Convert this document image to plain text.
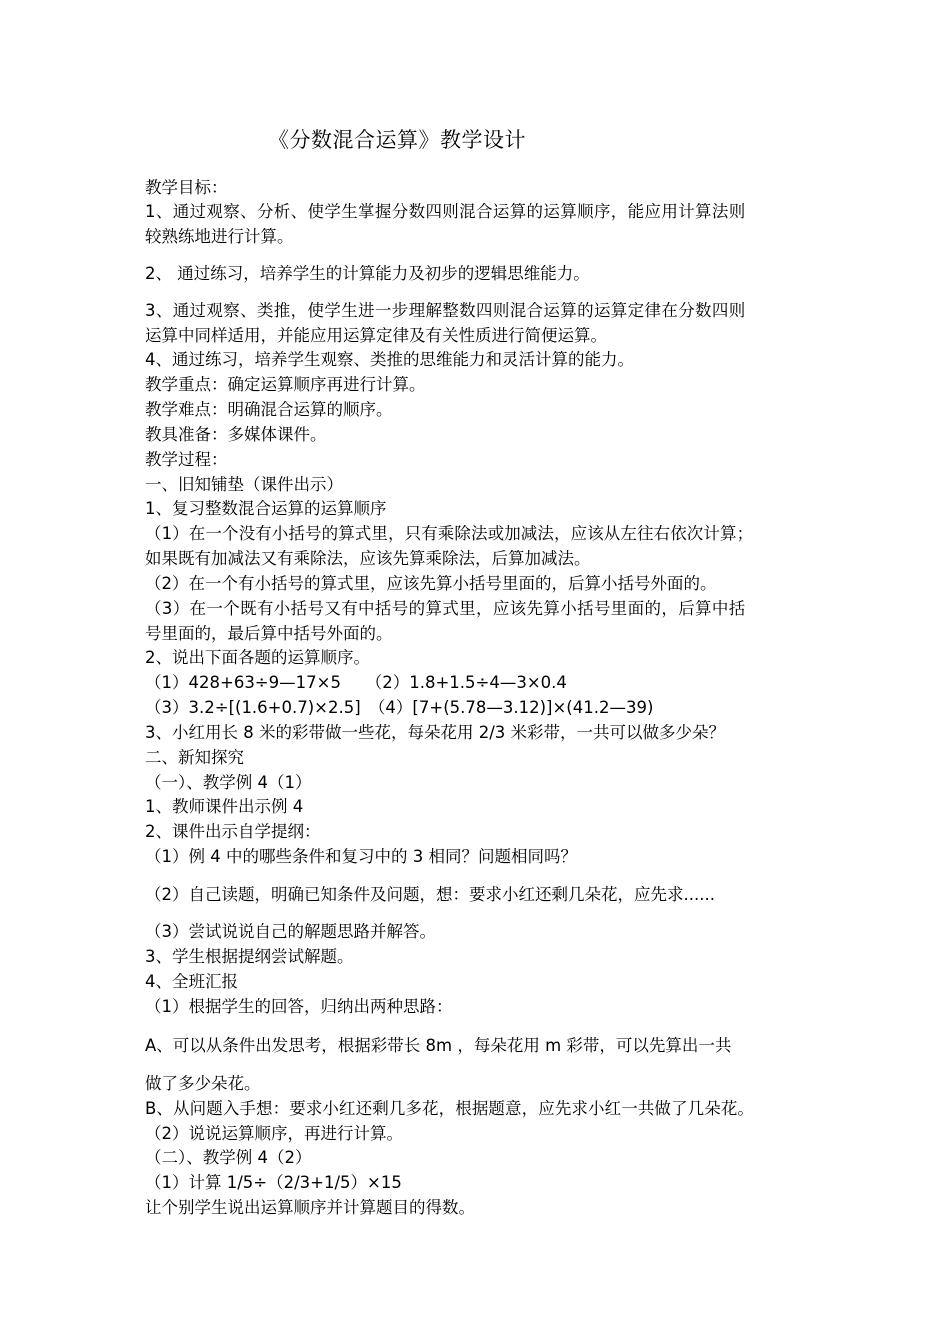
《分数混合运算》教学设计
教学目标：
1、通过观察、分析、使学生掌握分数四则混合运算的运算顺序，能应用计算法则
较熟练地进行计算。
2、 通过练习，培养学生的计算能力及初步的逻辑思维能力。
3、通过观察、类推，使学生进一步理解整数四则混合运算的运算定律在分数四则
运算中同样适用，并能应用运算定律及有关性质进行简便运算。
4、通过练习，培养学生观察、类推的思维能力和灵活计算的能力。
教学重点：确定运算顺序再进行计算。
教学难点：明确混合运算的顺序。
教具准备：多媒体课件。
教学过程：
一、旧知铺垫（课件出示）
1、复习整数混合运算的运算顺序
（1）在一个没有小括号的算式里，只有乘除法或加减法，应该从左往右依次计算；
如果既有加减法又有乘除法，应该先算乘除法，后算加减法。
（2）在一个有小括号的算式里，应该先算小括号里面的，后算小括号外面的。
（3）在一个既有小括号又有中括号的算式里，应该先算小括号里面的，后算中括
号里面的，最后算中括号外面的。
2、说出下面各题的运算顺序。
（1）428+63÷9—17×5　　（2）1.8+1.5÷4—3×0.4
（3）3.2÷[(1.6+0.7)×2.5]　（4）[7+(5.78—3.12)]×(41.2—39)
3、小红用长 8 米的彩带做一些花，每朵花用 2/3 米彩带，一共可以做多少朵？
二、新知探究
（一）、教学例 4（1）
1、教师课件出示例 4
2、课件出示自学提纲：
（1）例 4 中的哪些条件和复习中的 3 相同？问题相同吗？
（2）自己读题，明确已知条件及问题，想：要求小红还剩几朵花，应先求......
（3）尝试说说自己的解题思路并解答。
3、学生根据提纲尝试解题。
4、全班汇报
（1）根据学生的回答，归纳出两种思路：
A、可以从条件出发思考，根据彩带长 8m ，每朵花用 m 彩带，可以先算出一共
做了多少朵花。
B、从问题入手想：要求小红还剩几多花，根据题意，应先求小红一共做了几朵花。
（2）说说运算顺序，再进行计算。
（二）、教学例 4（2）
（1）计算 1/5÷（2/3+1/5）×15
让个别学生说出运算顺序并计算题目的得数。
